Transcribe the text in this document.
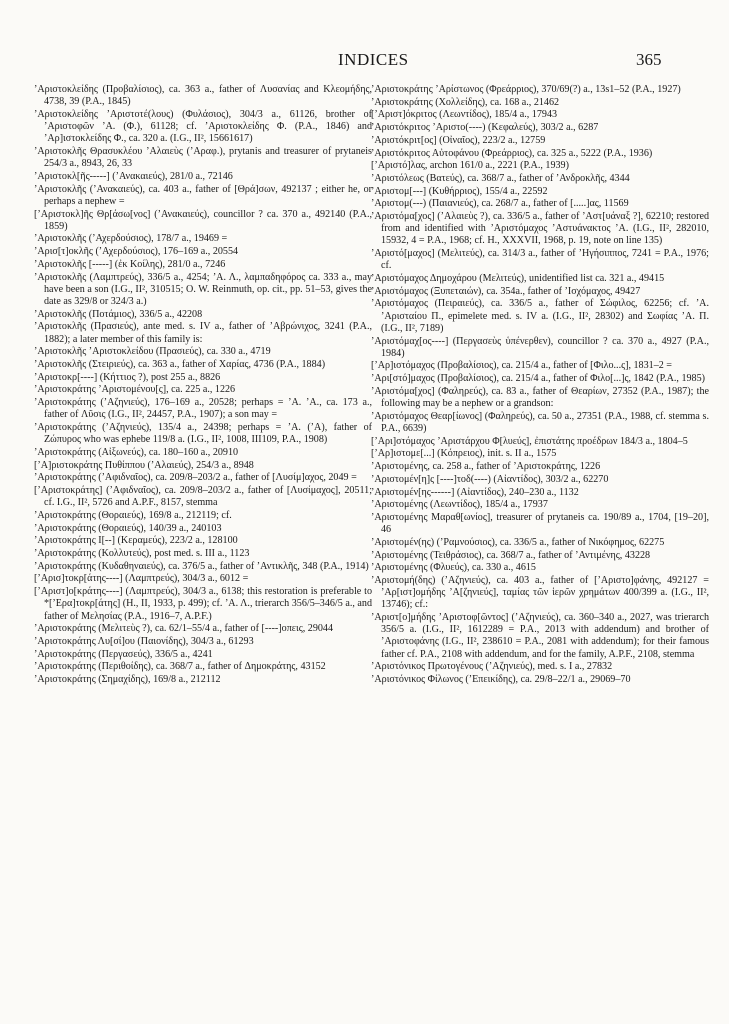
INDICES	365

’Αριστοκλείδης (Προβαλίσιος), ca. 363 a., father of Λυσανίας and Κλεομήδης, 4738, 39 (P.A., 1845)

’Αριστοκλείδης ’Αριστοτέ(λους) (Φυλάσιος), 304/3 a., 61126, brother of ’Αριστοφῶν ’Α. (Φ.), 61128; cf. ’Αριστοκλείδης Φ. (P.A., 1846) and ’Αρ]ιστοκλείδης Φ., ca. 320 a. (I.G., II², 15661617)

’Αριστοκλῆς Θρασυκλέου ’Αλαιεὺς (’Αραφ.), prytanis and treasurer of prytaneis 254/3 a., 8943, 26, 33

’Αριστοκλ[ῆς-----] (’Ανακαιεύς), 281/0 a., 72146

’Αριστοκλῆς (’Ανακαιεύς), ca. 403 a., father of [Θρά]σων, 492137 ; either he, or perhaps a nephew =

[’Αριστοκλ]ῆς Θρ[άσω[νος] (’Ανακαιεύς), councillor ? ca. 370 a., 492140 (P.A., 1859)

’Αριστοκλῆς (’Αχερδούσιος), 178/7 a., 19469 =

’Αρισ[τ]οκλῆς (’Αχερδούσιος), 176–169 a., 20554

’Αριστοκλῆς [-----] (ἐκ Κοίλης), 281/0 a., 7246

’Αριστοκλῆς (Λαμπτρεύς), 336/5 a., 4254; ’Α. Λ., λαμπαδηφόρος ca. 333 a., may have been a son (I.G., II², 310515; O. W. Reinmuth, op. cit., pp. 51–53, gives the date as 329/8 or 324/3 a.)

’Αριστοκλῆς (Ποτάμιος), 336/5 a., 42208

’Αριστοκλῆς (Πρασιεύς), ante med. s. IV a., father of ’Αβρώνιχος, 3241 (P.A., 1882); a later member of this family is:

’Αριστοκλῆς ’Αριστοκλείδου (Πρασιεύς), ca. 330 a., 4719

’Αριστοκλῆς (Στειριεύς), ca. 363 a., father of Χαρίας, 4736 (P.A., 1884)

’Αριστοκρ[----] (Κήττιος ?), post 255 a., 8826

’Αριστοκράτης ’Αριστομένου[ς], ca. 225 a., 1226

’Αριστοκράτης (’Αζηνιεύς), 176–169 a., 20528; perhaps = ’Α. ’Α., ca. 173 a., father of Λῦσις (I.G., II², 24457, P.A., 1907); a son may =

’Αριστοκράτης (’Αζηνιεύς), 135/4 a., 24398; perhaps = ’Α. (’Α), father of Ζώπυρος who was ephebe 119/8 a. (I.G., II², 1008, III109, P.A., 1908)

’Αριστοκράτης (Αἰξωνεύς), ca. 180–160 a., 20910

[’Α]ριστοκράτης Πυθίππου (’Αλαιεύς), 254/3 a., 8948

’Αριστοκράτης (’Αφιδναῖος), ca. 209/8–203/2 a., father of [Λυσίμ]αχος, 2049 =

[’Αριστοκράτης] (’Αφιδναῖος), ca. 209/8–203/2 a., father of [Λυσίμαχος], 20511; cf. I.G., II², 5726 and A.P.F., 8157, stemma

’Αριστοκράτης (Θοραιεύς), 169/8 a., 212119; cf.

’Αριστοκράτης (Θοραιεύς), 140/39 a., 240103

’Αριστοκράτης Ι[--] (Κεραμεύς), 223/2 a., 128100

’Αριστοκράτης (Κολλυτεύς), post med. s. III a., 1123

’Αριστοκράτης (Κυδαθηναιεύς), ca. 376/5 a., father of ’Αντικλῆς, 348 (P.A., 1914)

[’Αρισ]τοκρ[άτης----] (Λαμπτρεύς), 304/3 a., 6012 =

[’Αριστ]ο[κράτης----] (Λαμπτρεύς), 304/3 a., 6138; this restoration is preferable to *[’Ερα]τοκρ[άτης] (H., II, 1933, p. 499); cf. ’Α. Λ., trierarch 356/5–346/5 a., and father of Μελησίας (P.A., 1916–7, A.P.F.)

’Αριστοκράτης (Μελιτεὺς ?), ca. 62/1–55/4 a., father of [----]οπεις, 29044

’Αριστοκράτης Λυ[σί]ου (Παιονίδης), 304/3 a., 61293

’Αριστοκράτης (Περγασεύς), 336/5 a., 4241

’Αριστοκράτης (Περιθοίδης), ca. 368/7 a., father of Δημοκράτης, 43152

’Αριστοκράτης (Σημαχίδης), 169/8 a., 212112

’Αριστοκράτης ’Αρίστωνος (Φρεάρριος), 370/69(?) a., 13s1–52 (P.A., 1927)

’Αριστοκράτης (Χολλείδης), ca. 168 a., 21462

[’Αριστ]όκριτος (Λεωντίδος), 185/4 a., 17943

’Αριστόκριτος ’Αριστο(----) (Κεφαλεύς), 303/2 a., 6287

’Αριστόκριτ[ος] (Οἰναῖος), 223/2 a., 12759

’Αριστόκριτος Αὐτοφάνου (Φρεάρριος), ca. 325 a., 5222 (P.A., 1936)

[’Αριστό]λας, archon 161/0 a., 2221 (P.A., 1939)

’Αριστόλεως (Βατεύς), ca. 368/7 a., father of ’Ανδροκλῆς, 4344

’Αριστομ[---] (Κυθήρριος), 155/4 a., 22592

’Αριστομ(---) (Παιανιεύς), ca. 268/7 a., father of [.....]ας, 11569

’Αριστόμα[χος] (’Αλαιεὺς ?), ca. 336/5 a., father of ’Αστ[υάναξ ?], 62210; restored from and identified with ’Αριστόμαχος ’Αστυάνακτος ’Α. (I.G., II², 282010, 15932, 4 = P.A., 1968; cf. H., XXXVII, 1968, p. 19, note on line 135)

’Αριστό[μαχος] (Μελιτεύς), ca. 314/3 a., father of ’Ηγήσιππος, 7241 = P.A., 1976; cf.

’Αριστόμαχος Δημοχάρου (Μελιτεύς), unidentified list ca. 321 a., 49415

’Αριστόμαχος (Ξυπεταιών), ca. 354a., father of ’Ισχόμαχος, 49427

’Αριστόμαχος (Πειραιεύς), ca. 336/5 a., father of Σώφιλος, 62256; cf. ’Α. ’Αρισταίου Π., epimelete med. s. IV a. (I.G., II², 28302) and Σωφίας ’Α. Π. (I.G., II², 7189)

’Αριστόμαχ[ος----] (Περγασεὺς ὑπένερθεν), councillor ? ca. 370 a., 4927 (P.A., 1984)

[’Αρ]ιστόμαχος (Προβαλίσιος), ca. 215/4 a., father of [Φιλο...ς], 1831–2 =

’Αρι[στό]μαχος (Προβαλίσιος), ca. 215/4 a., father of Φιλο[...]ς, 1842 (P.A., 1985)

’Αριστόμα[χος] (Φαληρεύς), ca. 83 a., father of Θεαρίων, 27352 (P.A., 1987); the following may be a nephew or a grandson:

’Αριστόμαχος Θεαρ[ίωνος] (Φαληρεύς), ca. 50 a., 27351 (P.A., 1988, cf. stemma s. P.A., 6639)

[’Αρι]στόμαχος ’Αριστάρχου Φ[λυεύς], ἐπιστάτης προέδρων 184/3 a., 1804–5

[’Αρ]ιστομε[...] (Κόπρειος), init. s. II a., 1575

’Αριστομένης, ca. 258 a., father of ’Αριστοκράτης, 1226

’Αριστομέν[η]ς [----]τοδ(----) (Αἰαντίδος), 303/2 a., 62270

’Αριστομέν[ης------] (Αἰαντίδος), 240–230 a., 1132

’Αριστομένης (Λεωντίδος), 185/4 a., 17937

’Αριστομένης Μαραθ[ωνίος], treasurer of prytaneis ca. 190/89 a., 1704, [19–20], 46

’Αριστομέν(ης) (’Ραμνούσιος), ca. 336/5 a., father of Νικόφημος, 62275

’Αριστομένης (Τειθράσιος), ca. 368/7 a., father of ’Αντιμένης, 43228

’Αριστομένης (Φλυεύς), ca. 330 a., 4615

’Αριστομή(δης) (’Αζηνιεύς), ca. 403 a., father of [’Αριστο]φάνης, 492127 = ’Αρ[ιστ]ομήδης ’Α[ζηνιεύς], ταμίας τῶν ἱερῶν χρημάτων 400/399 a. (I.G., II², 13746); cf.:

’Αριστ[ο]μήδης ’Αριστοφ[ῶντος] (’Αζηνιεύς), ca. 360–340 a., 2027, was trierarch 356/5 a. (I.G., II², 1612289 = P.A., 2013 with addendum) and brother of ’Αριστοφάνης (I.G., II², 238610 = P.A., 2081 with addendum); for their famous father cf. P.A., 2108 with addendum, and for the family, A.P.F., 2108, stemma

’Αριστόνικος Πρωτογένους (’Αζηνιεύς), med. s. I a., 27832

’Αριστόνικος Φίλωνος (’Επεικίδης), ca. 29/8–22/1 a., 29069–70
